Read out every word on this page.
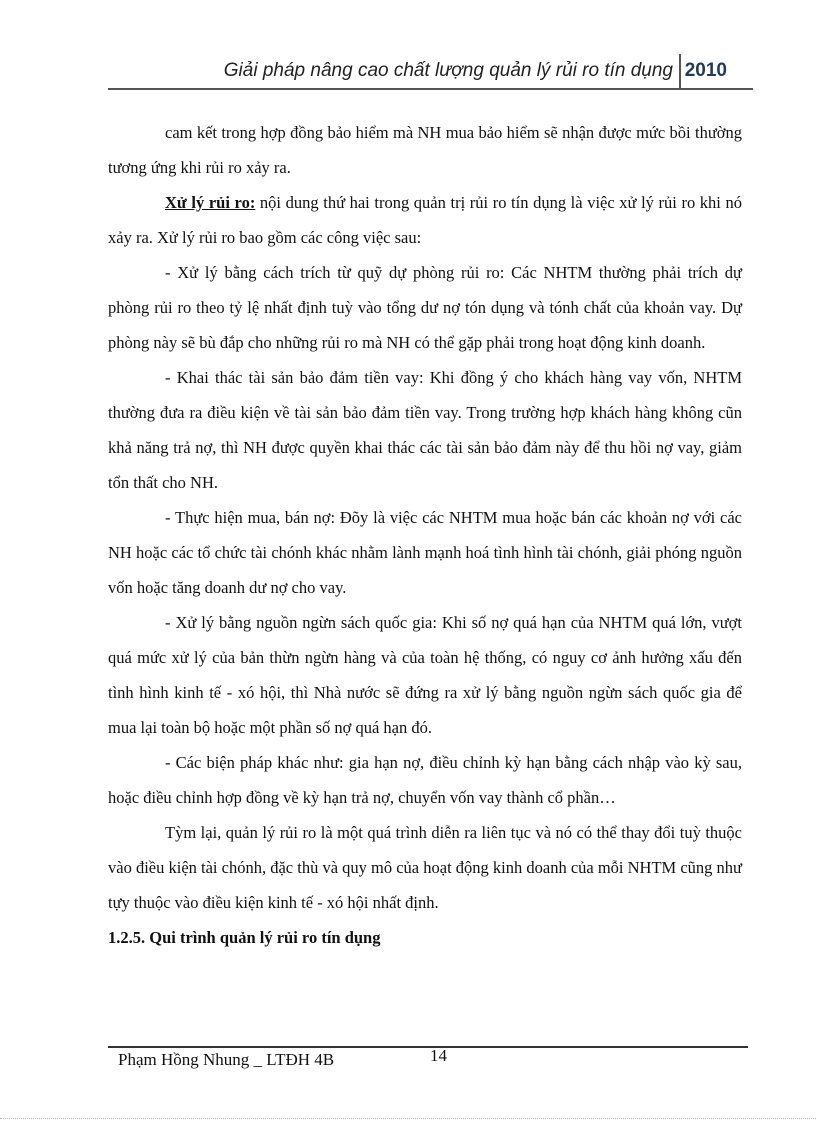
Giải pháp nâng cao chất lượng quản lý rủi ro tín dụng 2010

cam kết trong hợp đồng bảo hiểm mà NH mua bảo hiểm sẽ nhận được mức bồi thường tương ứng khi rủi ro xảy ra.

Xử lý rủi ro: nội dung thứ hai trong quản trị rủi ro tín dụng là việc xử lý rủi ro khi nó xảy ra. Xử lý rủi ro bao gồm các công việc sau:

- Xử lý bằng cách trích từ quỹ dự phòng rủi ro: Các NHTM thường phải trích dự phòng rủi ro theo tỷ lệ nhất định tuỳ vào tổng dư nợ tón dụng và tónh chất của khoản vay. Dự phòng này sẽ bù đắp cho những rủi ro mà NH có thể gặp phải trong hoạt động kinh doanh.

- Khai thác tài sản bảo đảm tiền vay: Khi đồng ý cho khách hàng vay vốn, NHTM thường đưa ra điều kiện về tài sản bảo đảm tiền vay. Trong trường hợp khách hàng không cũn khả năng trả nợ, thì NH được quyền khai thác các tài sản bảo đảm này để thu hồi nợ vay, giảm tổn thất cho NH.

- Thực hiện mua, bán nợ: Đõy là việc các NHTM mua hoặc bán các khoản nợ với các NH hoặc các tổ chức tài chónh khác nhằm lành mạnh hoá tình hình tài chónh, giải phóng nguồn vốn hoặc tăng doanh dư nợ cho vay.

- Xử lý bằng nguồn ngừn sách quốc gia: Khi số nợ quá hạn của NHTM quá lớn, vượt quá mức xử lý của bản thừn ngừn hàng và của toàn hệ thống, có nguy cơ ảnh hưởng xấu đến tình hình kinh tế - xó hội, thì Nhà nước sẽ đứng ra xử lý bằng nguồn ngừn sách quốc gia để mua lại toàn bộ hoặc một phần số nợ quá hạn đó.

- Các biện pháp khác như: gia hạn nợ, điều chỉnh kỳ hạn bằng cách nhập vào kỳ sau, hoặc điều chỉnh hợp đồng về kỳ hạn trả nợ, chuyển vốn vay thành cổ phần…

Tỳm lại, quản lý rủi ro là một quá trình diễn ra liên tục và nó có thể thay đổi tuỳ thuộc vào điều kiện tài chónh, đặc thù và quy mô của hoạt động kinh doanh của mỗi NHTM cũng như tựy thuộc vào điều kiện kinh tế - xó hội nhất định.

1.2.5. Qui trình quản lý rủi ro tín dụng

Phạm Hồng Nhung _ LTĐH 4B	14
